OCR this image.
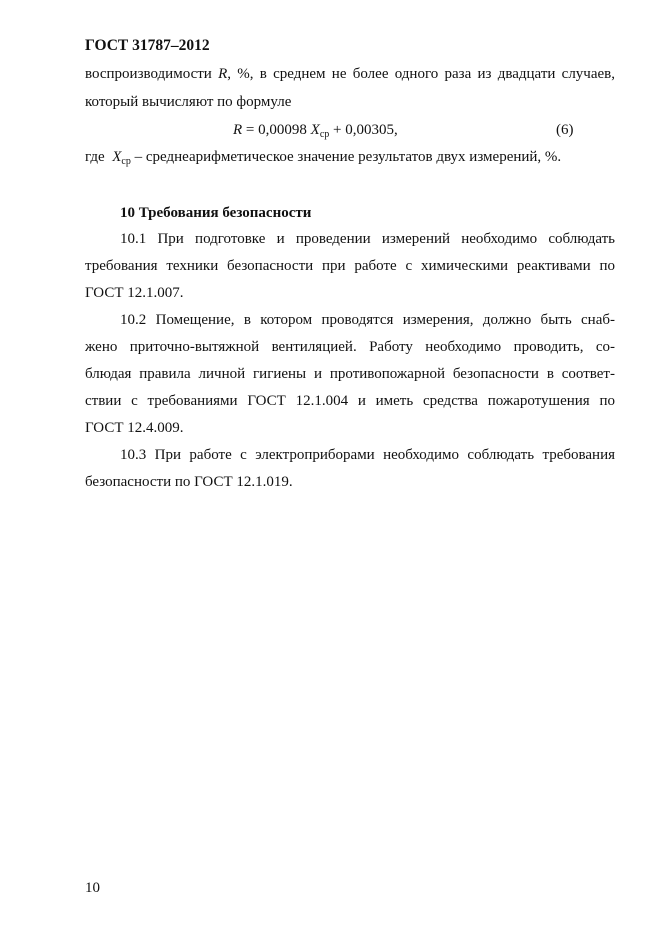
ГОСТ 31787–2012
воспроизводимости R, %, в среднем не более одного раза из двадцати случаев,
который вычисляют по формуле
R = 0,00098 $X_{ср} + 0,00305$,	(6)
где  $X_{ср}$ – среднеарифметическое значение результатов двух измерений, %.
10 Требования безопасности
10.1 При подготовке и проведении измерений необходимо соблюдать
требования техники безопасности при работе с химическими реактивами по
ГОСТ 12.1.007.
10.2 Помещение, в котором проводятся измерения, должно быть снаб-
жено приточно-вытяжной вентиляцией. Работу необходимо проводить, со-
блюдая правила личной гигиены и противопожарной безопасности в соответ-
ствии с требованиями ГОСТ 12.1.004 и иметь средства пожаротушения по
ГОСТ 12.4.009.
10.3 При работе с электроприборами необходимо соблюдать требования
безопасности по ГОСТ 12.1.019.
10
